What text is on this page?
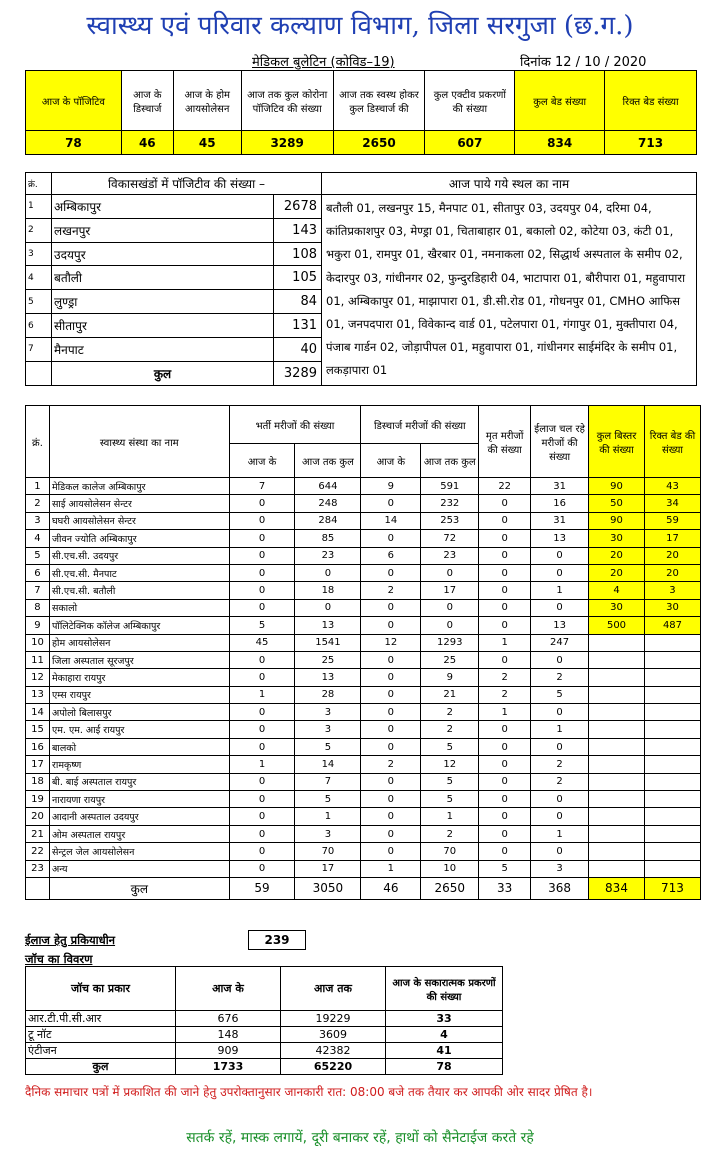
स्वास्थ्य एवं परिवार कल्याण विभाग, जिला सरगुजा (छ.ग.)
मेडिकल बुलेटिन (कोविड–19)	दिनांक 12 / 10 / 2020
आज के पॉजिटिव	आज के डिस्चार्ज	आज के होम आयसोलेसन	आज तक कुल कोरोना पॉजिटिव की संख्या	आज तक स्वस्थ होकर कुल डिस्चार्ज की	कुल एक्टीव प्रकरणों की संख्या	कुल बेड संख्या	रिक्त बेड संख्या
78	46	45	3289	2650	607	834	713
क्रं.	विकासखंडों में पॉजिटीव की संख्या –		आज पाये गये स्थल का नाम
1	अम्बिकापुर	2678	बतौली 01, लखनपुर 15, मैनपाट 01, सीतापुर 03, उदयपुर 04, दरिमा 04, कांतिप्रकाशपुर 03, मेण्ड्रा 01, चिताबाहार 01, बकालो 02, कोटेया 03, कंटी 01, भकुरा 01, रामपुर 01, खैरबार 01, नमनाकला 02, सिद्धार्थ अस्पताल के समीप 02, केदारपुर 03, गांधीनगर 02, फुन्दुरडिहारी 04, भाटापारा 01, बौरीपारा 01, महुवापारा 01, अम्बिकापुर 01, माझापारा 01, डी.सी.रोड 01, गोधनपुर 01, CMHO आफिस 01, जनपदपारा 01, विवेकान्द वार्ड 01, पटेलपारा 01, गंगापुर 01, मुक्तीपारा 04, पंजाब गार्डन 02, जोड़ापीपल 01, महुवापारा 01, गांधीनगर साईमंदिर के समीप 01, लकड़ापारा 01
2	लखनपुर	143	
3	उदयपुर	108	
4	बतौली	105	
5	लुण्ड्रा	84	
6	सीतापुर	131	
7	मैनपाट	40	
	कुल	3289	
क्रं.	स्वास्थ्य संस्था का नाम	भर्ती मरीजों की संख्या		डिस्चार्ज मरीजों की संख्या		मृत मरीजों की संख्या	ईलाज चल रहे मरीजों की संख्या	कुल बिस्तर की संख्या	रिक्त बेड की संख्या
		आज के	आज तक कुल	आज के	आज तक कुल				
1	मेडिकल कालेज अम्बिकापुर	7	644	9	591	22	31	90	43
2	साई आयसोलेसन सेन्टर	0	248	0	232	0	16	50	34
3	घघरी आयसोलेसन सेन्टर	0	284	14	253	0	31	90	59
4	जीवन ज्योति अम्बिकापुर	0	85	0	72	0	13	30	17
5	सी.एच.सी. उदयपुर	0	23	6	23	0	0	20	20
6	सी.एच.सी. मैनपाट	0	0	0	0	0	0	20	20
7	सी.एच.सी. बतौली	0	18	2	17	0	1	4	3
8	सकालो	0	0	0	0	0	0	30	30
9	पॉलिटेक्निक कॉलेज अम्बिकापुर	5	13	0	0	0	13	500	487
10	होम आयसोलेसन	45	1541	12	1293	1	247		
11	जिला अस्पताल सूरजपुर	0	25	0	25	0	0		
12	मेकाहारा रायपुर	0	13	0	9	2	2		
13	एम्स रायपुर	1	28	0	21	2	5		
14	अपोलो बिलासपुर	0	3	0	2	1	0		
15	एम. एम. आई रायपुर	0	3	0	2	0	1		
16	बालको	0	5	0	5	0	0		
17	रामकृष्ण	1	14	2	12	0	2		
18	बी. बाई अस्पताल रायपुर	0	7	0	5	0	2		
19	नारायणा रायपुर	0	5	0	5	0	0		
20	आदानी अस्पताल उदयपुर	0	1	0	1	0	0		
21	ओम अस्पताल रायपुर	0	3	0	2	0	1		
22	सेन्ट्रल जेल आयसोलेसन	0	70	0	70	0	0		
23	अन्य	0	17	1	10	5	3		
	कुल	59	3050	46	2650	33	368	834	713
ईलाज हेतु प्रकियाधीन	239
जॉच का विवरण
जॉच का प्रकार	आज के	आज तक	आज के सकारात्मक प्रकरणों की संख्या
आर.टी.पी.सी.आर	676	19229	33
टू नॉट	148	3609	4
एंटीजन	909	42382	41
कुल	1733	65220	78
दैनिक समाचार पत्रों में प्रकाशित की जाने हेतु उपरोक्तानुसार जानकारी रात: 08:00 बजे तक तैयार कर आपकी ओर सादर प्रेषित है।
सतर्क रहें, मास्क लगायें, दूरी बनाकर रहें, हाथों को सैनेटाईज करते रहे
